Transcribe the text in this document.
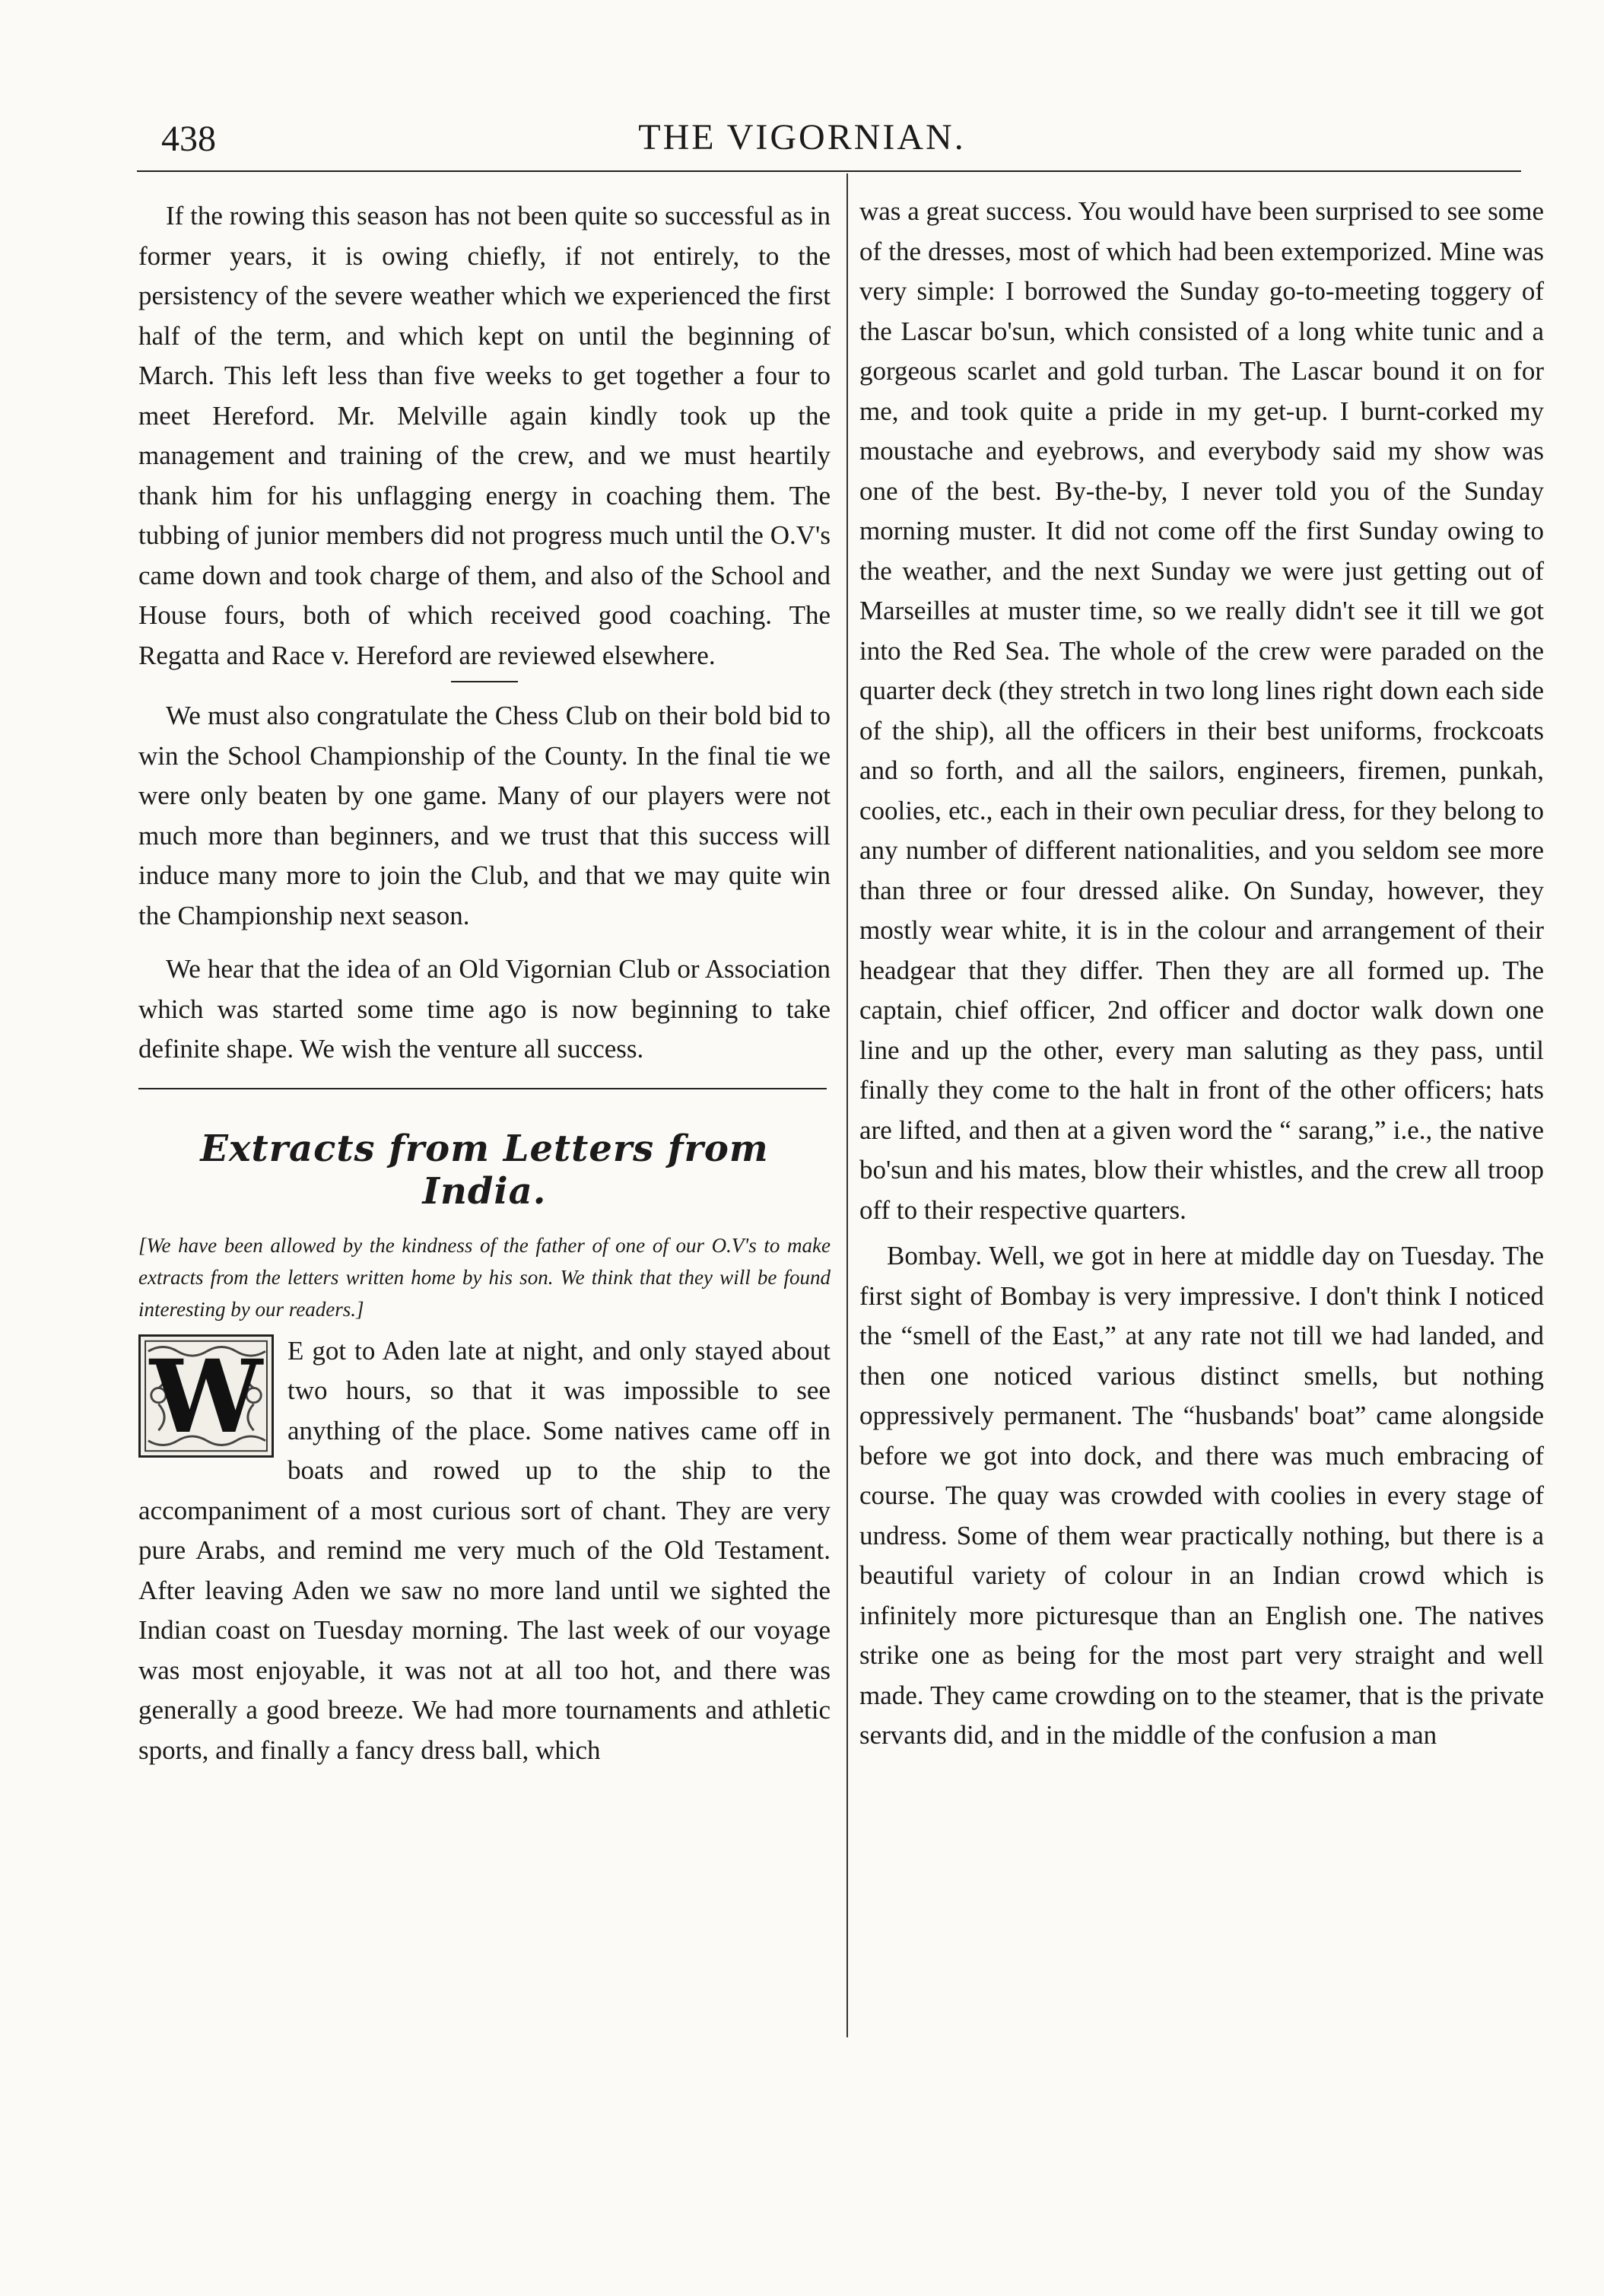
438	THE VIGORNIAN.

If the rowing this season has not been quite so successful as in former years, it is owing chiefly, if not entirely, to the persistency of the severe weather which we experienced the first half of the term, and which kept on until the beginning of March. This left less than five weeks to get together a four to meet Hereford. Mr. Melville again kindly took up the management and training of the crew, and we must heartily thank him for his unflagging energy in coaching them. The tubbing of junior members did not progress much until the O.V's came down and took charge of them, and also of the School and House fours, both of which received good coaching. The Regatta and Race v. Hereford are reviewed elsewhere.

We must also congratulate the Chess Club on their bold bid to win the School Championship of the County. In the final tie we were only beaten by one game. Many of our players were not much more than beginners, and we trust that this success will induce many more to join the Club, and that we may quite win the Championship next season.

We hear that the idea of an Old Vigornian Club or Association which was started some time ago is now beginning to take definite shape. We wish the venture all success.

Extracts from Letters from India.

[We have been allowed by the kindness of the father of one of our O.V's to make extracts from the letters written home by his son. We think that they will be found interesting by our readers.]

W E got to Aden late at night, and only stayed about two hours, so that it was impossible to see anything of the place. Some natives came off in boats and rowed up to the ship to the accompaniment of a most curious sort of chant. They are very pure Arabs, and remind me very much of the Old Testament. After leaving Aden we saw no more land until we sighted the Indian coast on Tuesday morning. The last week of our voyage was most enjoyable, it was not at all too hot, and there was generally a good breeze. We had more tournaments and athletic sports, and finally a fancy dress ball, which

was a great success. You would have been surprised to see some of the dresses, most of which had been extemporized. Mine was very simple: I borrowed the Sunday go-to-meeting toggery of the Lascar bo'sun, which consisted of a long white tunic and a gorgeous scarlet and gold turban. The Lascar bound it on for me, and took quite a pride in my get-up. I burnt-corked my moustache and eyebrows, and everybody said my show was one of the best. By-the-by, I never told you of the Sunday morning muster. It did not come off the first Sunday owing to the weather, and the next Sunday we were just getting out of Marseilles at muster time, so we really didn't see it till we got into the Red Sea. The whole of the crew were paraded on the quarter deck (they stretch in two long lines right down each side of the ship), all the officers in their best uniforms, frockcoats and so forth, and all the sailors, engineers, firemen, punkah, coolies, etc., each in their own peculiar dress, for they belong to any number of different nationalities, and you seldom see more than three or four dressed alike. On Sunday, however, they mostly wear white, it is in the colour and arrangement of their headgear that they differ. Then they are all formed up. The captain, chief officer, 2nd officer and doctor walk down one line and up the other, every man saluting as they pass, until finally they come to the halt in front of the other officers; hats are lifted, and then at a given word the “ sarang,” i.e., the native bo'sun and his mates, blow their whistles, and the crew all troop off to their respective quarters.

Bombay. Well, we got in here at middle day on Tuesday. The first sight of Bombay is very impressive. I don't think I noticed the “smell of the East,” at any rate not till we had landed, and then one noticed various distinct smells, but nothing oppressively permanent. The “husbands' boat” came alongside before we got into dock, and there was much embracing of course. The quay was crowded with coolies in every stage of undress. Some of them wear practically nothing, but there is a beautiful variety of colour in an Indian crowd which is infinitely more picturesque than an English one. The natives strike one as being for the most part very straight and well made. They came crowding on to the steamer, that is the private servants did, and in the middle of the confusion a man
